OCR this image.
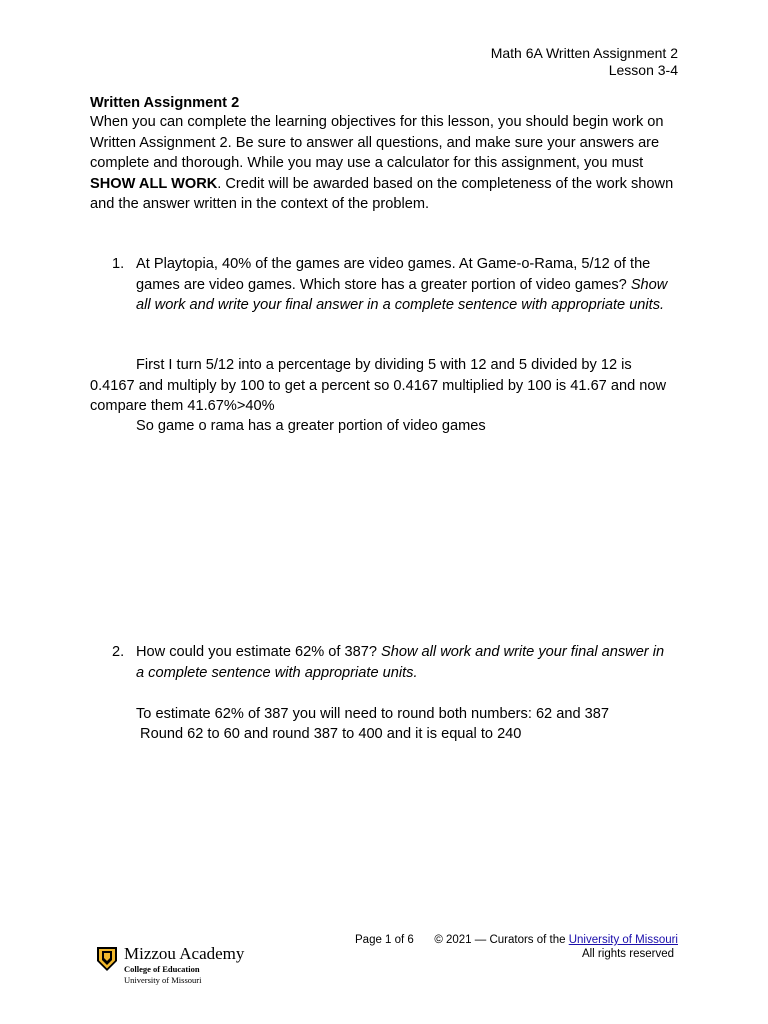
Math 6A Written Assignment 2
Lesson 3-4
Written Assignment 2
When you can complete the learning objectives for this lesson, you should begin work on Written Assignment 2. Be sure to answer all questions, and make sure your answers are complete and thorough. While you may use a calculator for this assignment, you must SHOW ALL WORK. Credit will be awarded based on the completeness of the work shown and the answer written in the context of the problem.
1. At Playtopia, 40% of the games are video games. At Game-o-Rama, 5/12 of the games are video games. Which store has a greater portion of video games? Show all work and write your final answer in a complete sentence with appropriate units.
First I turn 5/12 into a percentage by dividing 5 with 12 and 5 divided by 12 is 0.4167 and multiply by 100 to get a percent so 0.4167 multiplied by 100 is 41.67 and now compare them 41.67%>40%
So game o rama has a greater portion of video games
2. How could you estimate 62% of 387? Show all work and write your final answer in a complete sentence with appropriate units.
To estimate 62% of 387 you will need to round both numbers: 62 and 387
Round 62 to 60 and round 387 to 400 and it is equal to 240
Page 1 of 6 © 2021 — Curators of the University of Missouri
All rights reserved
Mizzou Academy
College of Education
University of Missouri
